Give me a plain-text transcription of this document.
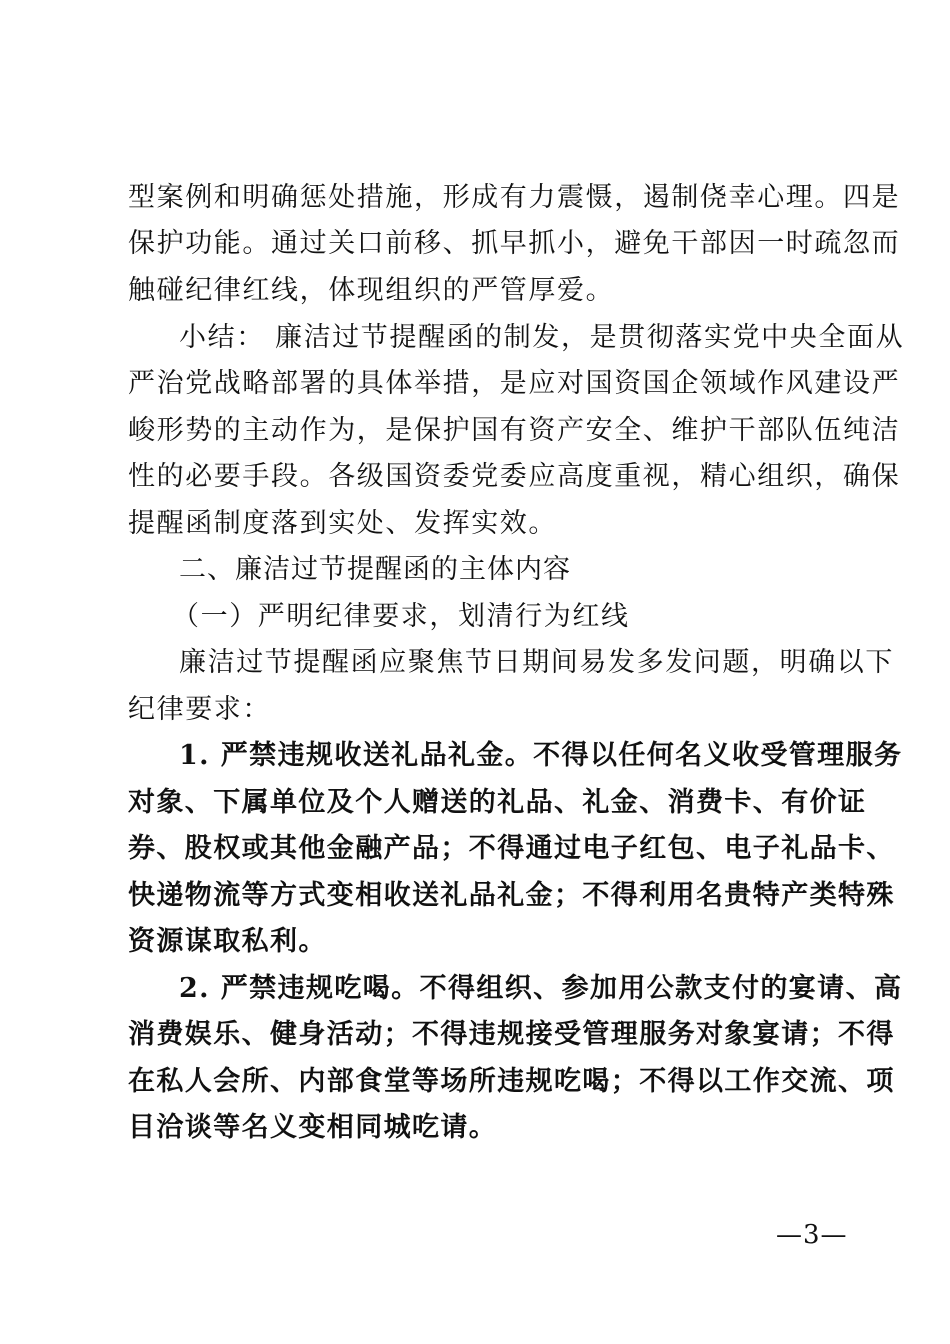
型案例和明确惩处措施，形成有力震慑，遏制侥幸心理。四是
保护功能。通过关口前移、抓早抓小，避免干部因一时疏忽而
触碰纪律红线，体现组织的严管厚爱。
小结： 廉洁过节提醒函的制发，是贯彻落实党中央全面从
严治党战略部署的具体举措，是应对国资国企领域作风建设严
峻形势的主动作为，是保护国有资产安全、维护干部队伍纯洁
性的必要手段。各级国资委党委应高度重视，精心组织，确保
提醒函制度落到实处、发挥实效。
二、廉洁过节提醒函的主体内容
（一）严明纪律要求，划清行为红线
廉洁过节提醒函应聚焦节日期间易发多发问题，明确以下
纪律要求：
1. 严禁违规收送礼品礼金。不得以任何名义收受管理服务
对象、下属单位及个人赠送的礼品、礼金、消费卡、有价证
券、股权或其他金融产品；不得通过电子红包、电子礼品卡、
快递物流等方式变相收送礼品礼金；不得利用名贵特产类特殊
资源谋取私利。
2. 严禁违规吃喝。不得组织、参加用公款支付的宴请、高
消费娱乐、健身活动；不得违规接受管理服务对象宴请；不得
在私人会所、内部食堂等场所违规吃喝；不得以工作交流、项
目洽谈等名义变相同城吃请。
—3—
